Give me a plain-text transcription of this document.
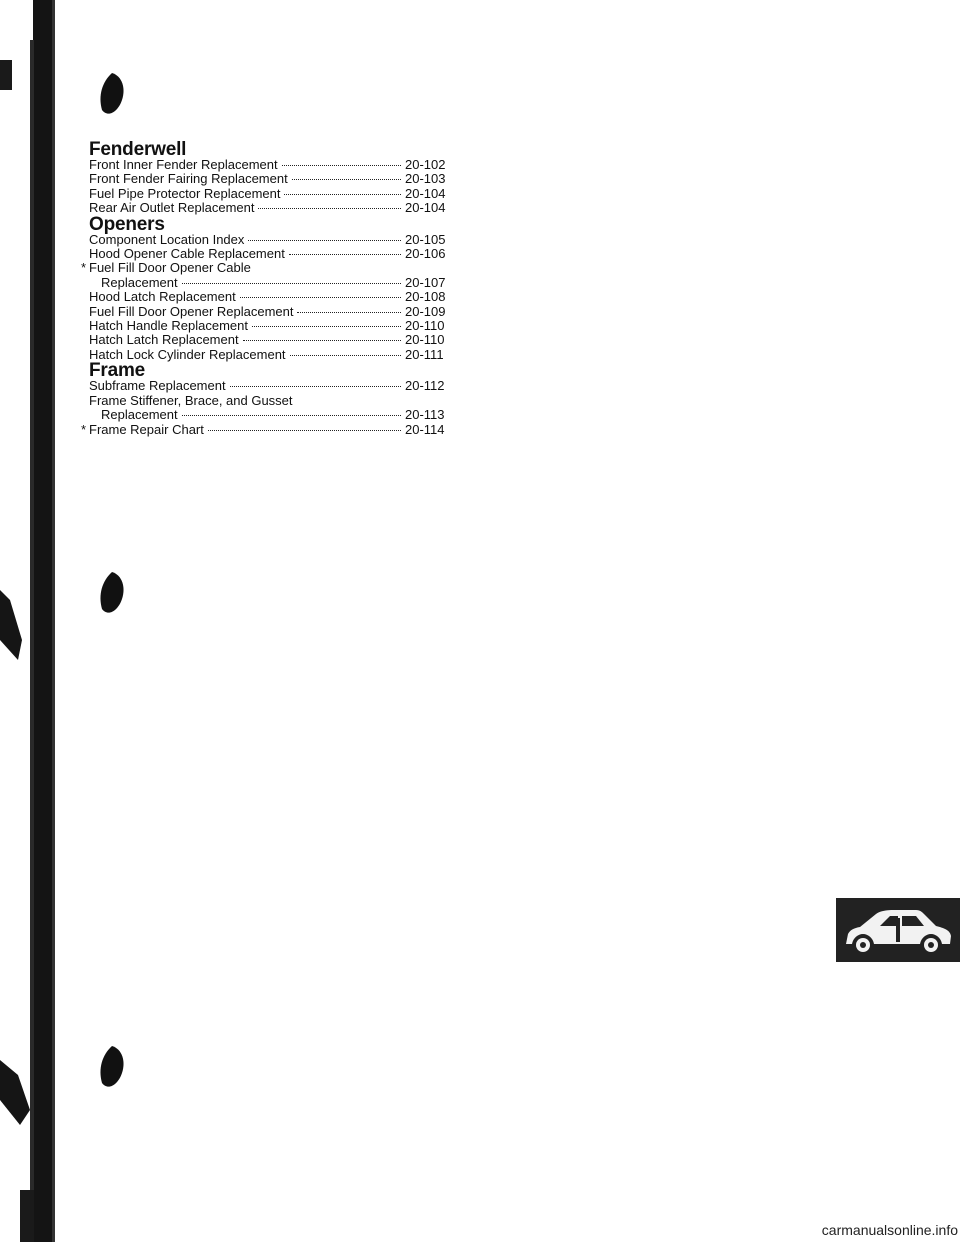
Fenderwell
Front Inner Fender Replacement	20-102
Front Fender Fairing Replacement	20-103
Fuel Pipe Protector Replacement	20-104
Rear Air Outlet Replacement	20-104
Openers
Component Location Index	20-105
Hood Opener Cable Replacement	20-106
* Fuel Fill Door Opener Cable
Replacement	20-107
Hood Latch Replacement	20-108
Fuel Fill Door Opener Replacement	20-109
Hatch Handle Replacement	20-110
Hatch Latch Replacement	20-110
Hatch Lock Cylinder Replacement	20-111
Frame
Subframe Replacement	20-112
Frame Stiffener, Brace, and Gusset
Replacement	20-113
* Frame Repair Chart	20-114
carmanualsonline.info
